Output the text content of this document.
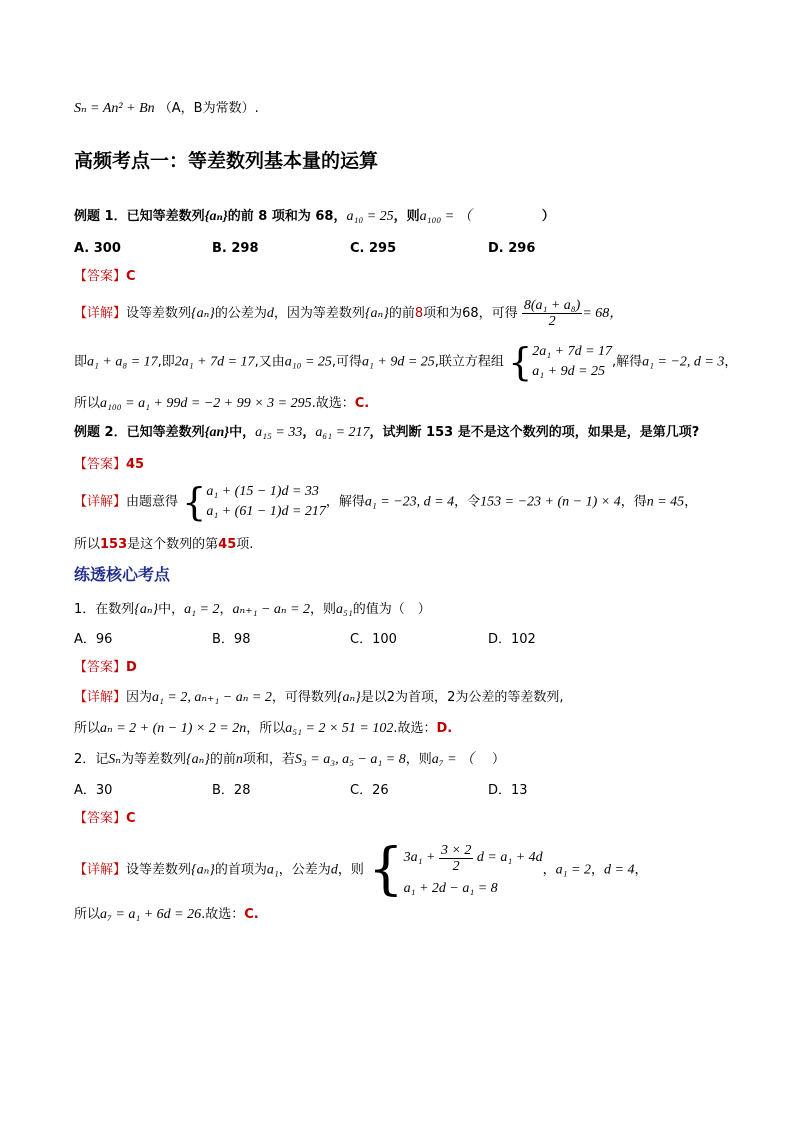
Sₙ = An² + Bn （A，B为常数）.
高频考点一：等差数列基本量的运算
例题 1．已知等差数列{aₙ}的前 8 项和为 68，a₁₀ = 25，则a₁₀₀ = （	）
A. 300	B. 298	C. 295	D. 296
【答案】C
【详解】设等差数列{aₙ}的公差为d，因为等差数列{aₙ}的前8项和为68，可得 $\frac{\text{8(a₁ + a₈)}}{2} = 68$，
即a₁ + a₈ = 17,即2a₁ + 7d = 17,又由a₁₀ = 25,可得a₁ + 9d = 25,联立方程组 { 2a₁ + 7d = 17
a₁ + 9d = 25
,解得a₁ = −2, d = 3，
所以a₁₀₀ = a₁ + 99d = −2 + 99 × 3 = 295.故选：C.
例题 2．已知等差数列{an}中，a₁₅ = 33，a₆₁ = 217，试判断 153 是不是这个数列的项，如果是，是第几项?
【答案】45
【详解】由题意得 { a₁ + (15 − 1)d = 33
a₁ + (61 − 1)d = 217
，解得a₁ = −23, d = 4，令153 = −23 + (n − 1) × 4，得n = 45，
所以153是这个数列的第45项.
练透核心考点
1．在数列{aₙ}中，a₁ = 2，aₙ₊₁ − aₙ = 2，则a₅₁的值为（　）
A．96	B．98	C．100	D．102
【答案】D
【详解】因为a₁ = 2, aₙ₊₁ − aₙ = 2，可得数列{aₙ}是以2为首项，2为公差的等差数列,
所以aₙ = 2 + (n − 1) × 2 = 2n，所以a₅₁ = 2 × 51 = 102.故选：D.
2．记Sₙ为等差数列{aₙ}的前n项和，若S₃ = a₃, a₅ − a₁ = 8，则a₇ = （ ）
A．30	B．28	C．26	D．13
【答案】C
【详解】设等差数列{aₙ}的首项为a₁，公差为d，则 { 3a₁ +
$\frac{3 \times 2}{2}$
d = a₁ + 4d
a₁ + 2d − a₁ = 8
，a₁ = 2，d = 4，
所以a₇ = a₁ + 6d = 26.故选：C.
